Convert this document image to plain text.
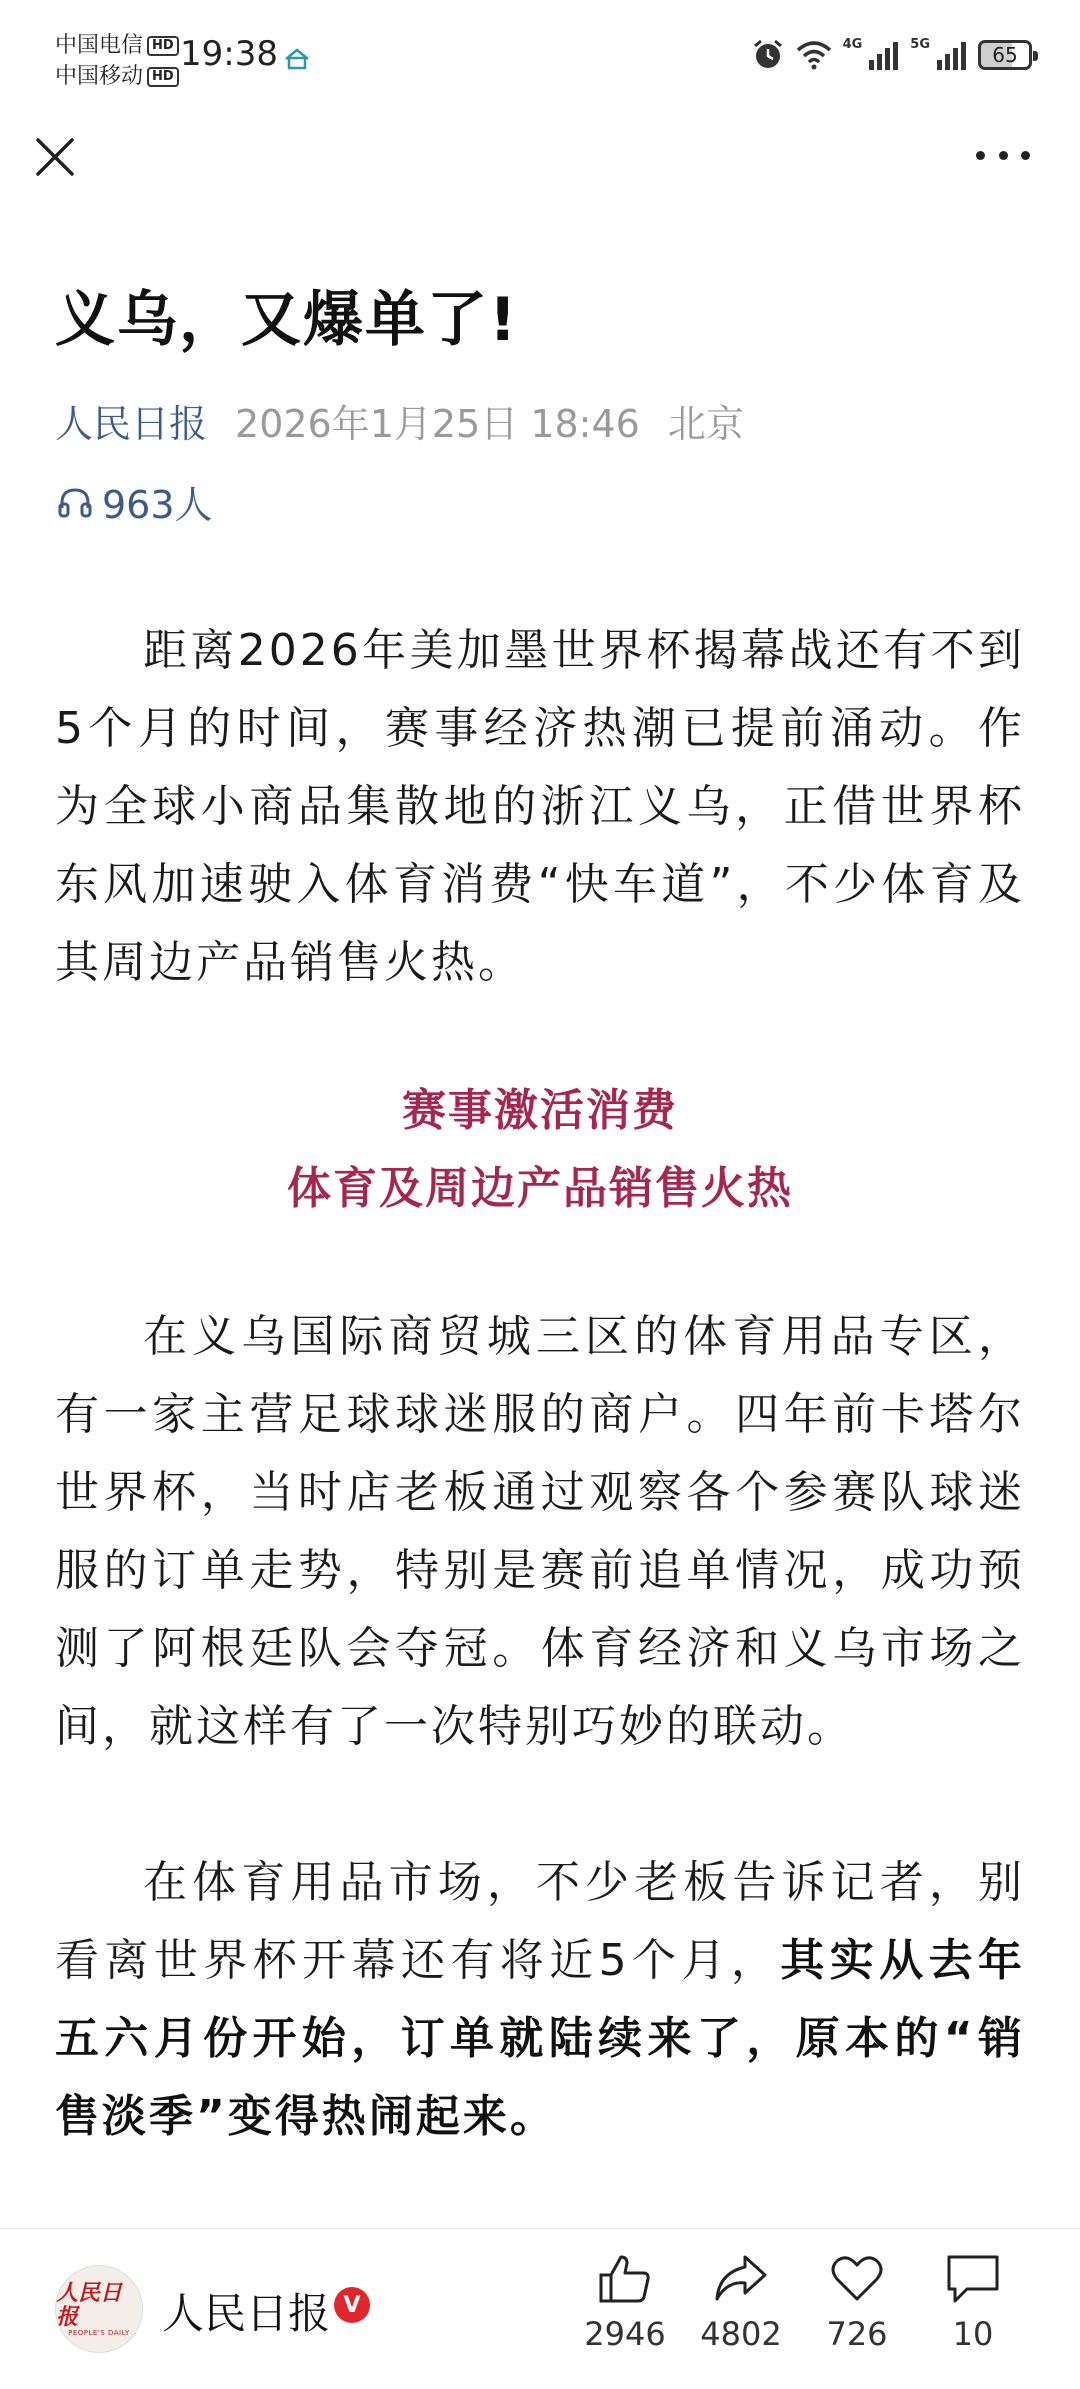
中国电信 HD
中国移动 HD
19:38	4G	5G	65
义乌，又爆单了!
人民日报 2026年1月25日 18:46 北京
963人

距离2026年美加墨世界杯揭幕战还有不到5个月的时间，赛事经济热潮已提前涌动。作为全球小商品集散地的浙江义乌，正借世界杯东风加速驶入体育消费“快车道”，不少体育及其周边产品销售火热。

赛事激活消费
体育及周边产品销售火热

在义乌国际商贸城三区的体育用品专区，有一家主营足球球迷服的商户。四年前卡塔尔世界杯，当时店老板通过观察各个参赛队球迷服的订单走势，特别是赛前追单情况，成功预测了阿根廷队会夺冠。体育经济和义乌市场之间，就这样有了一次特别巧妙的联动。

在体育用品市场，不少老板告诉记者，别看离世界杯开幕还有将近5个月，其实从去年五六月份开始，订单就陆续来了，原本的“销售淡季”变得热闹起来。

人民日报
PEOPLE'S DAILY 人民日报 V
2946	4802	726	10
